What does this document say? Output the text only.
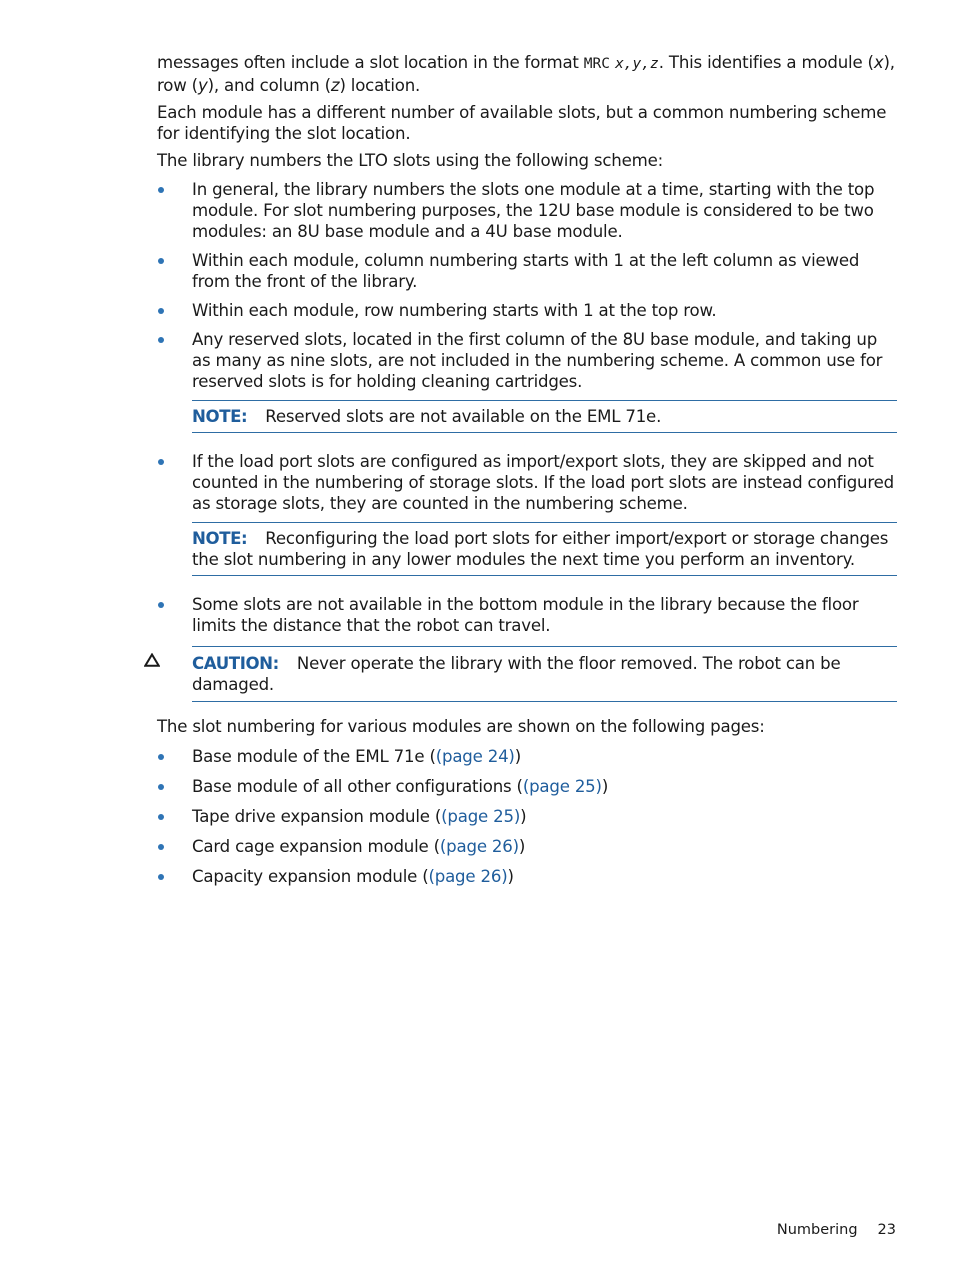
messages often include a slot location in the format MRC x,y,z. This identifies a module (x), row (y), and column (z) location.

Each module has a different number of available slots, but a common numbering scheme for identifying the slot location.

The library numbers the LTO slots using the following scheme:

In general, the library numbers the slots one module at a time, starting with the top module. For slot numbering purposes, the 12U base module is considered to be two modules: an 8U base module and a 4U base module.
Within each module, column numbering starts with 1 at the left column as viewed from the front of the library.
Within each module, row numbering starts with 1 at the top row.
Any reserved slots, located in the first column of the 8U base module, and taking up as many as nine slots, are not included in the numbering scheme. A common use for reserved slots is for holding cleaning cartridges.
NOTE: Reserved slots are not available on the EML 71e.
If the load port slots are configured as import/export slots, they are skipped and not counted in the numbering of storage slots. If the load port slots are instead configured as storage slots, they are counted in the numbering scheme.
NOTE: Reconfiguring the load port slots for either import/export or storage changes the slot numbering in any lower modules the next time you perform an inventory.
Some slots are not available in the bottom module in the library because the floor limits the distance that the robot can travel.
CAUTION: Never operate the library with the floor removed. The robot can be damaged.

The slot numbering for various modules are shown on the following pages:

Base module of the EML 71e ((page 24))
Base module of all other configurations ((page 25))
Tape drive expansion module ((page 25))
Card cage expansion module ((page 26))
Capacity expansion module ((page 26))
Numbering 23
